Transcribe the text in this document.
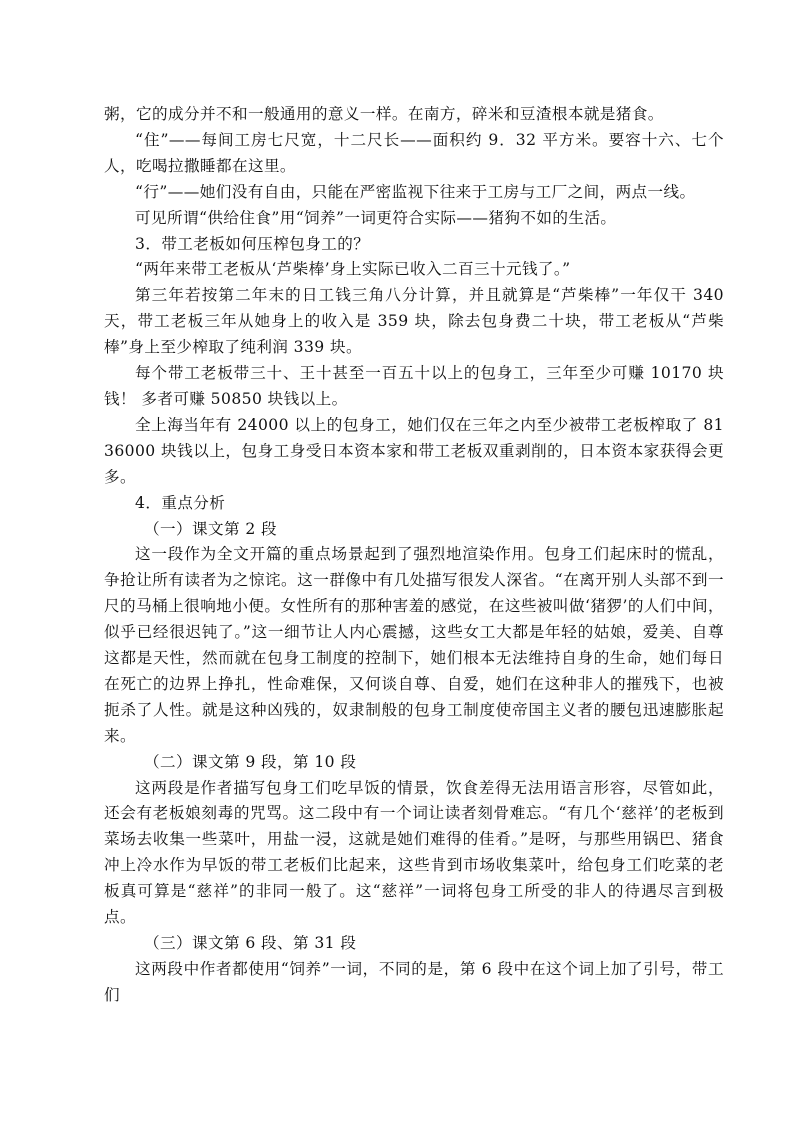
粥，它的成分并不和一般通用的意义一样。在南方，碎米和豆渣根本就是猪食。

“住”——每间工房七尺宽，十二尺长——面积约 9．32 平方米。要容十六、七个人，吃喝拉撒睡都在这里。

“行”——她们没有自由，只能在严密监视下往来于工房与工厂之间，两点一线。

可见所谓“供给住食”用“饲养”一词更符合实际——猪狗不如的生活。

3．带工老板如何压榨包身工的？

“两年来带工老板从‘芦柴棒’身上实际已收入二百三十元钱了。”

第三年若按第二年末的日工钱三角八分计算，并且就算是“芦柴棒”一年仅干 340 天，带工老板三年从她身上的收入是 359 块，除去包身费二十块，带工老板从“芦柴棒”身上至少榨取了纯利润 339 块。

每个带工老板带三十、王十甚至一百五十以上的包身工，三年至少可赚 10170 块钱！ 多者可赚 50850 块钱以上。

全上海当年有 24000 以上的包身工，她们仅在三年之内至少被带工老板榨取了 8136000 块钱以上，包身工身受日本资本家和带工老板双重剥削的，日本资本家获得会更多。

4．重点分析

（一）课文第 2 段

这一段作为全文开篇的重点场景起到了强烈地渲染作用。包身工们起床时的慌乱，争抢让所有读者为之惊诧。这一群像中有几处描写很发人深省。“在离开别人头部不到一尺的马桶上很响地小便。女性所有的那种害羞的感觉，在这些被叫做‘猪猡’的人们中间，似乎已经很迟钝了。”这一细节让人内心震撼，这些女工大都是年轻的姑娘，爱美、自尊这都是天性，然而就在包身工制度的控制下，她们根本无法维持自身的生命，她们每日在死亡的边界上挣扎，性命难保，又何谈自尊、自爱，她们在这种非人的摧残下，也被扼杀了人性。就是这种凶残的，奴隶制般的包身工制度使帝国主义者的腰包迅速膨胀起来。

（二）课文第 9 段，第 10 段

这两段是作者描写包身工们吃早饭的情景，饮食差得无法用语言形容，尽管如此，还会有老板娘刻毒的咒骂。这二段中有一个词让读者刻骨难忘。“有几个‘慈祥’的老板到菜场去收集一些菜叶，用盐一浸，这就是她们难得的佳肴。”是呀，与那些用锅巴、猪食冲上冷水作为早饭的带工老板们比起来，这些肯到市场收集菜叶，给包身工们吃菜的老板真可算是“慈祥”的非同一般了。这“慈祥”一词将包身工所受的非人的待遇尽言到极点。

（三）课文第 6 段、第 31 段

这两段中作者都使用“饲养”一词，不同的是，第 6 段中在这个词上加了引号，带工们
